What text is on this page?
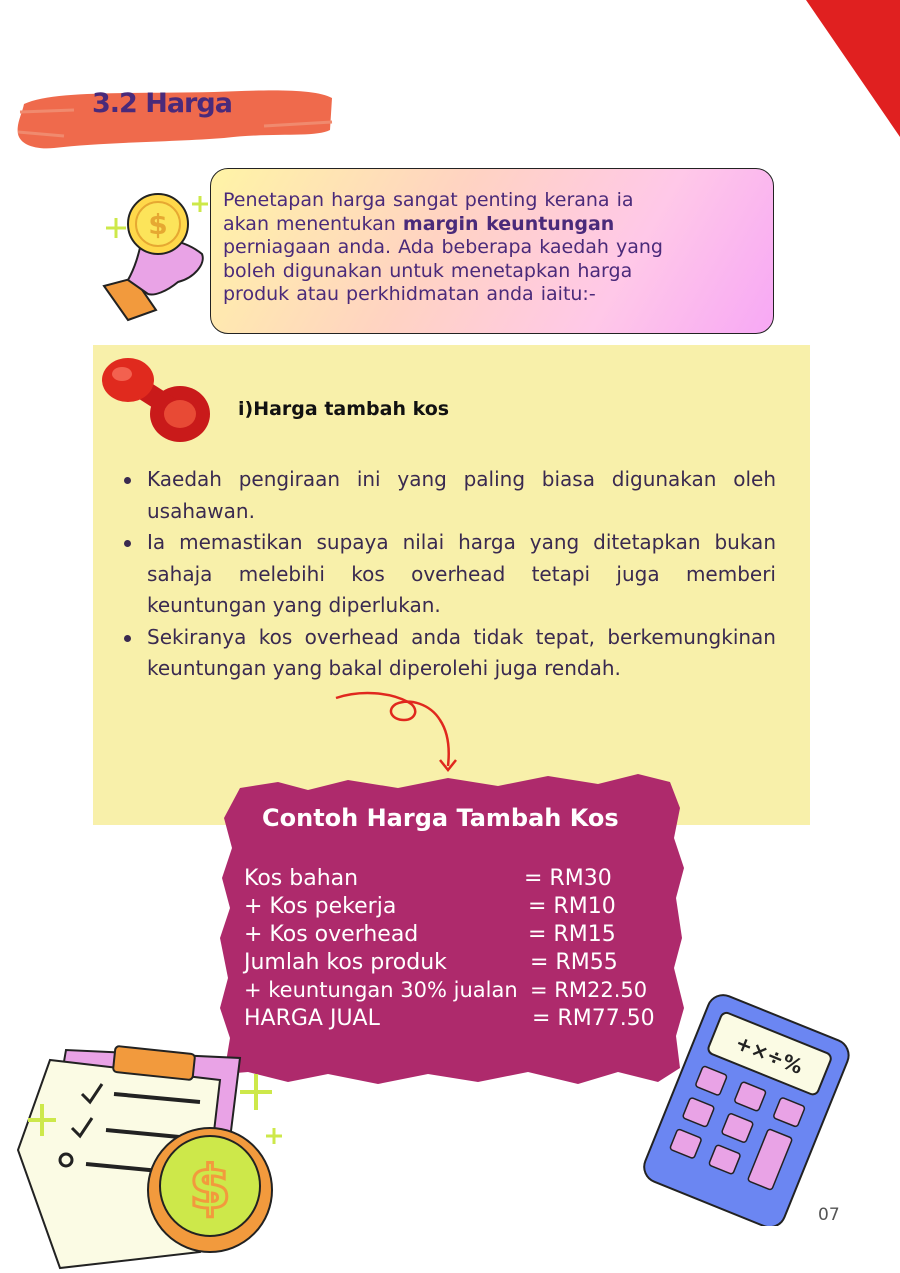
3.2 Harga

Penetapan harga sangat penting kerana ia
akan menentukan margin keuntungan
perniagaan anda. Ada beberapa kaedah yang
boleh digunakan untuk menetapkan harga
produk atau perkhidmatan anda iaitu:-

$
i)Harga tambah kos
Kaedah pengiraan ini yang paling biasa digunakan oleh usahawan.
Ia memastikan supaya nilai harga yang ditetapkan bukan sahaja melebihi kos overhead tetapi juga memberi keuntungan yang diperlukan.
Sekiranya kos overhead anda tidak tepat, berkemungkinan keuntungan yang bakal diperolehi juga rendah.
Contoh Harga Tambah Kos
Kos bahan	= RM30
+ Kos pekerja	= RM10
+ Kos overhead	= RM15
Jumlah kos produk	= RM55
+ keuntungan 30% jualan = RM22.50
HARGA JUAL	= RM77.50
$
+×÷%
07
